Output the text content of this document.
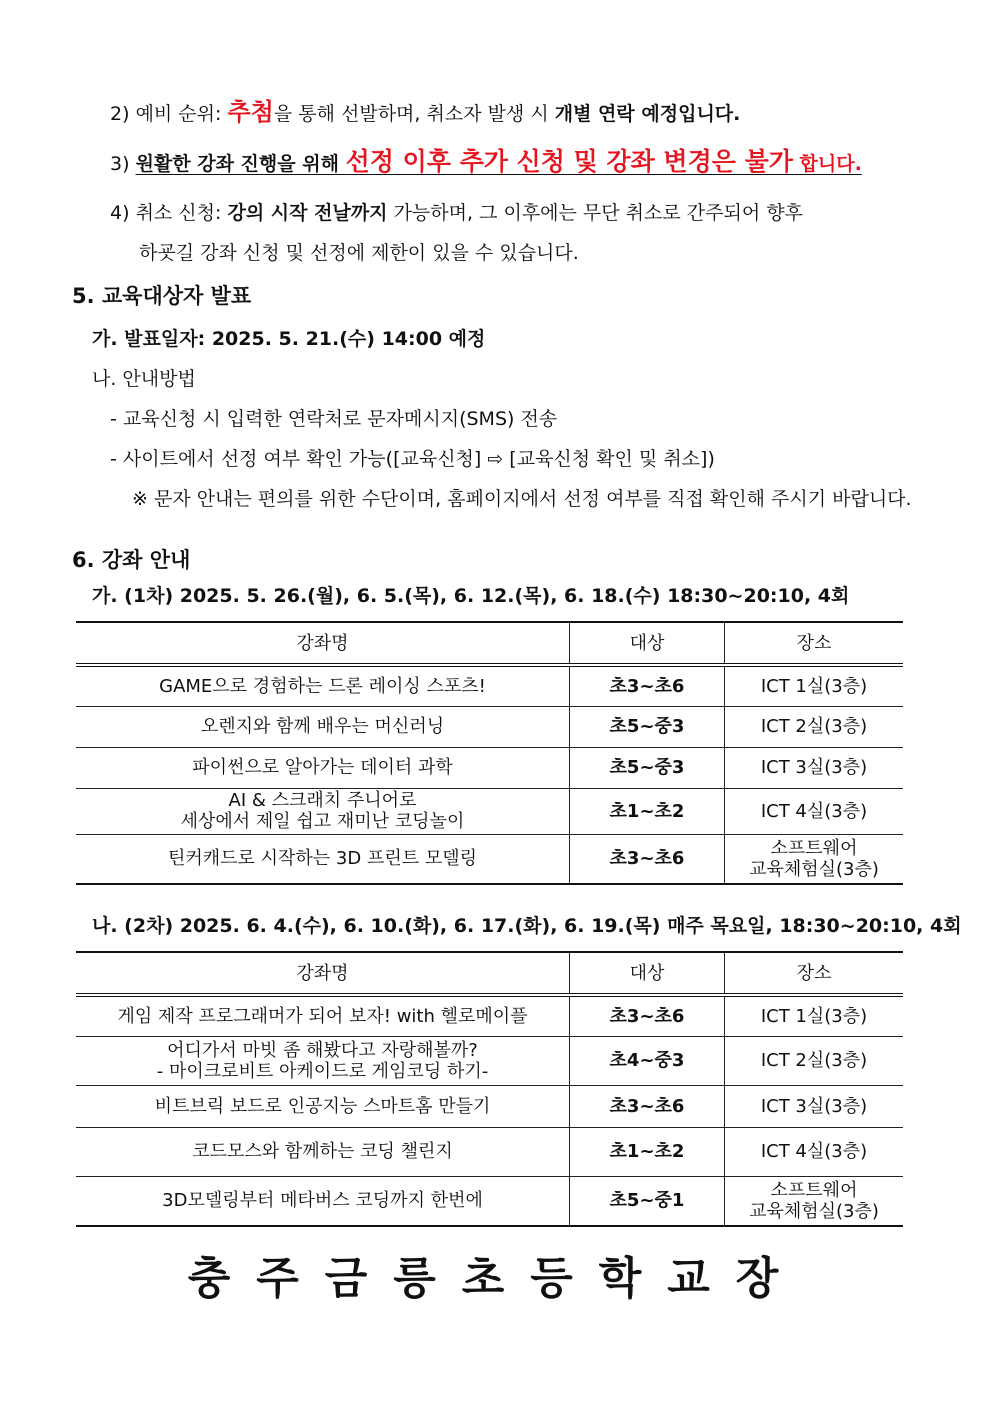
2) 예비 순위: 추첨을 통해 선발하며, 취소자 발생 시 개별 연락 예정입니다.
3) 원활한 강좌 진행을 위해 선정 이후 추가 신청 및 강좌 변경은 불가 합니다.
4) 취소 신청: 강의 시작 전날까지 가능하며, 그 이후에는 무단 취소로 간주되어 향후
하굣길 강좌 신청 및 선정에 제한이 있을 수 있습니다.
5. 교육대상자 발표
가. 발표일자: 2025. 5. 21.(수) 14:00 예정
나. 안내방법
- 교육신청 시 입력한 연락처로 문자메시지(SMS) 전송
- 사이트에서 선정 여부 확인 가능([교육신청] ⇨ [교육신청 확인 및 취소])
※ 문자 안내는 편의를 위한 수단이며, 홈페이지에서 선정 여부를 직접 확인해 주시기 바랍니다.
6. 강좌 안내
가. (1차) 2025. 5. 26.(월), 6. 5.(목), 6. 12.(목), 6. 18.(수) 18:30~20:10, 4회
강좌명	대상	장소
GAME으로 경험하는 드론 레이싱 스포츠!	초3~초6	ICT 1실(3층)
오렌지와 함께 배우는 머신러닝	초5~중3	ICT 2실(3층)
파이썬으로 알아가는 데이터 과학	초5~중3	ICT 3실(3층)

AI & 스크래치 주니어로
세상에서 제일 쉽고 재미난 코딩놀이	초1~초2	ICT 4실(3층)
틴커캐드로 시작하는 3D 프린트 모델링	초3~초6	소프트웨어
교육체험실(3층)
나. (2차) 2025. 6. 4.(수), 6. 10.(화), 6. 17.(화), 6. 19.(목) 매주 목요일, 18:30~20:10, 4회
강좌명	대상	장소
게임 제작 프로그래머가 되어 보자! with 헬로메이플	초3~초6	ICT 1실(3층)

어디가서 마빗 좀 해봤다고 자랑해볼까?
- 마이크로비트 아케이드로 게임코딩 하기-	초4~중3	ICT 2실(3층)
비트브릭 보드로 인공지능 스마트홈 만들기	초3~초6	ICT 3실(3층)
코드모스와 함께하는 코딩 챌린지	초1~초2	ICT 4실(3층)
3D모델링부터 메타버스 코딩까지 한번에	초5~중1	소프트웨어
교육체험실(3층)
충주금릉초등학교장
